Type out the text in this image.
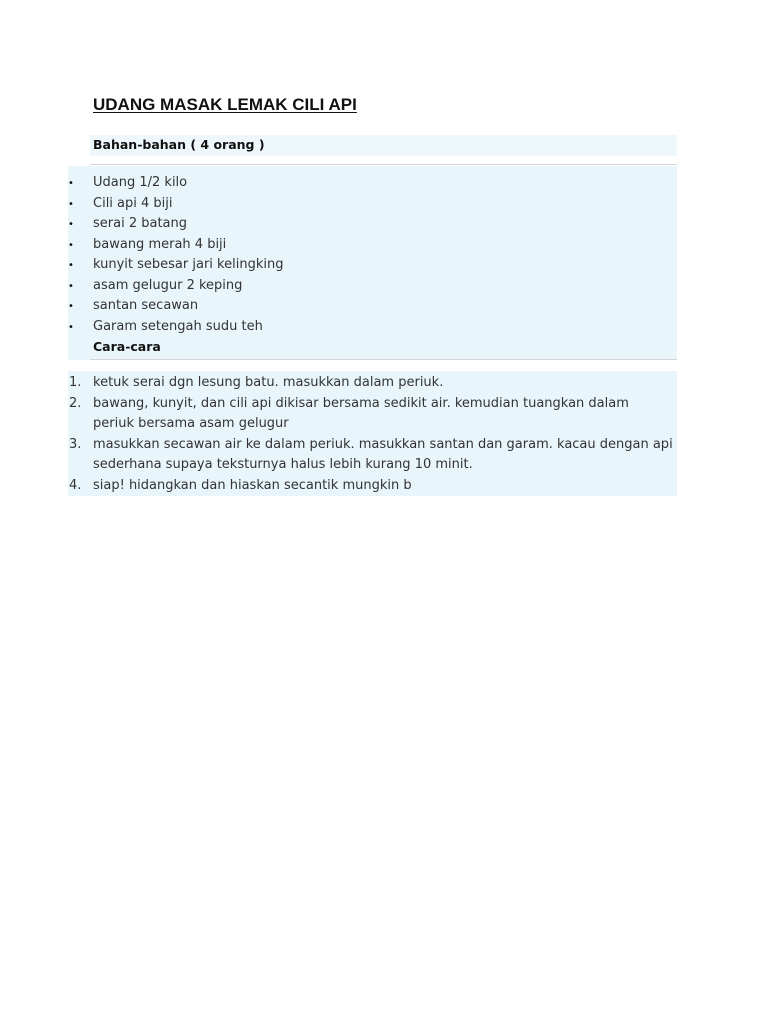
UDANG MASAK LEMAK CILI API
Bahan-bahan ( 4 orang )
•	Udang 1/2 kilo
•	Cili api 4 biji
•	serai 2 batang
•	bawang merah 4 biji
•	kunyit sebesar jari kelingking
•	asam gelugur 2 keping
•	santan secawan
•	Garam setengah sudu teh
Cara-cara
1. ketuk serai dgn lesung batu. masukkan dalam periuk.
2. bawang, kunyit, dan cili api dikisar bersama sedikit air. kemudian tuangkan dalam periuk bersama asam gelugur
3. masukkan secawan air ke dalam periuk. masukkan santan dan garam. kacau dengan api sederhana supaya teksturnya halus lebih kurang 10 minit.
4. siap! hidangkan dan hiaskan secantik mungkin b
